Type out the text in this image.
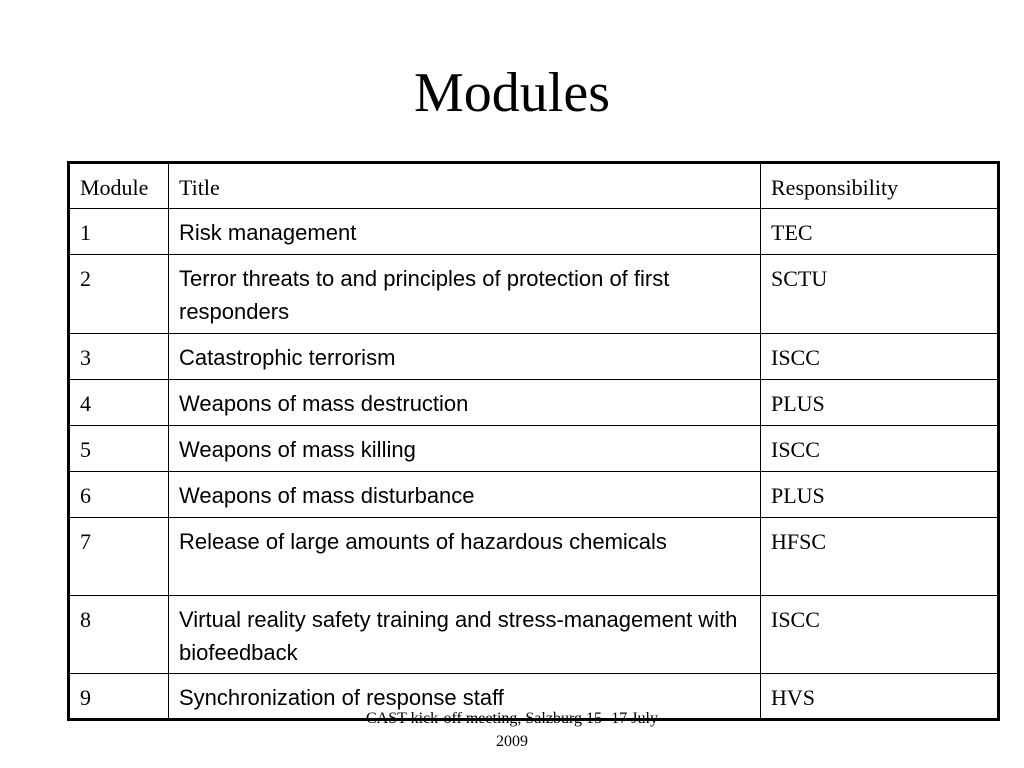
Modules
Module	Title	Responsibility
1	Risk management	TEC
2	Terror threats to and principles of protection of first responders	SCTU
3	Catastrophic terrorism	ISCC
4	Weapons of mass destruction	PLUS
5	Weapons of mass killing	ISCC
6	Weapons of mass disturbance	PLUS
7	Release of large amounts of hazardous chemicals	HFSC
8	Virtual reality safety training and stress-management with biofeedback	ISCC
9	Synchronization of response staff	HVS
CAST kick-off meeting, Salzburg 15 -17 July 2009
